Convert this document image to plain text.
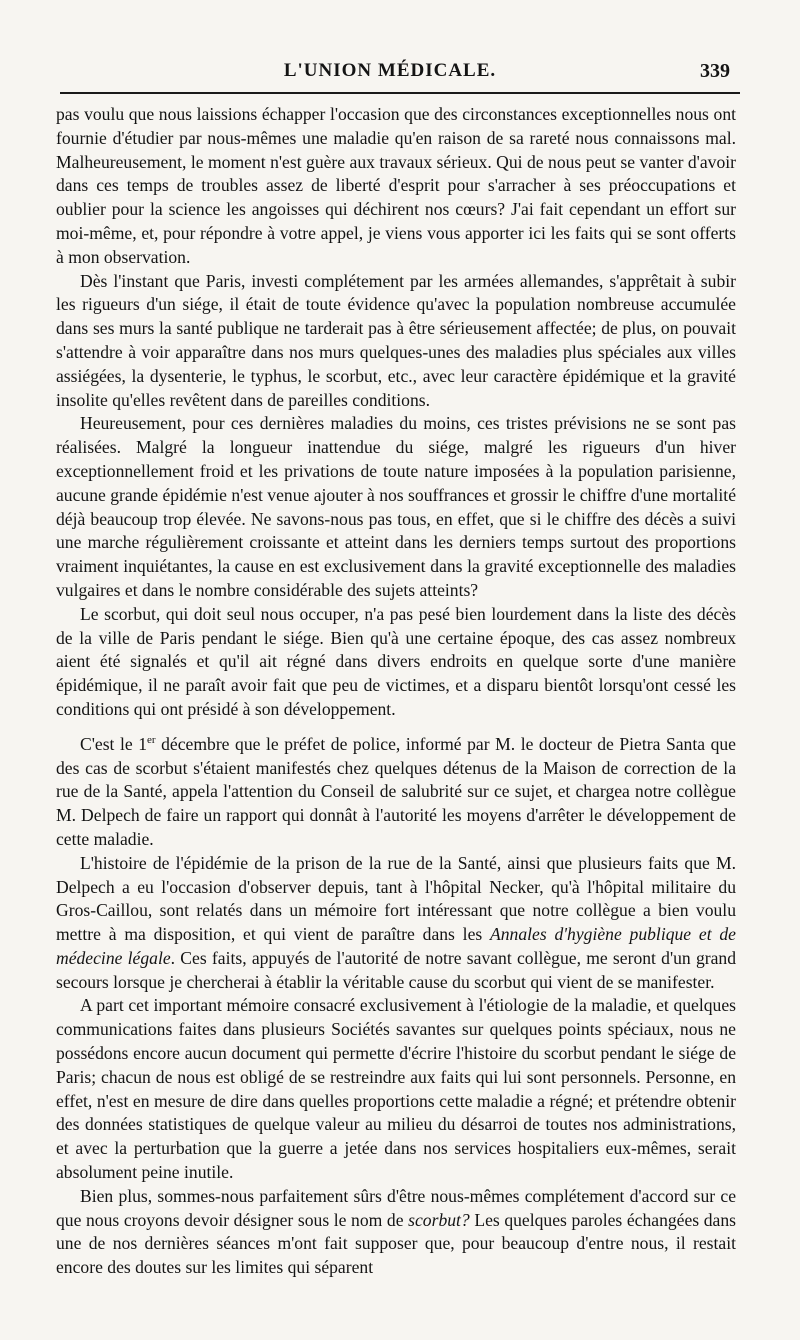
L'UNION MÉDICALE.	339

pas voulu que nous laissions échapper l'occasion que des circonstances exceptionnelles nous ont fournie d'étudier par nous-mêmes une maladie qu'en raison de sa rareté nous connaissons mal. Malheureusement, le moment n'est guère aux travaux sérieux. Qui de nous peut se vanter d'avoir dans ces temps de troubles assez de liberté d'esprit pour s'arracher à ses préoccupations et oublier pour la science les angoisses qui déchirent nos cœurs? J'ai fait cependant un effort sur moi-même, et, pour répondre à votre appel, je viens vous apporter ici les faits qui se sont offerts à mon observation.

Dès l'instant que Paris, investi complétement par les armées allemandes, s'apprêtait à subir les rigueurs d'un siége, il était de toute évidence qu'avec la population nombreuse accumulée dans ses murs la santé publique ne tarderait pas à être sérieusement affectée; de plus, on pouvait s'attendre à voir apparaître dans nos murs quelques-unes des maladies plus spéciales aux villes assiégées, la dysenterie, le typhus, le scorbut, etc., avec leur caractère épidémique et la gravité insolite qu'elles revêtent dans de pareilles conditions.

Heureusement, pour ces dernières maladies du moins, ces tristes prévisions ne se sont pas réalisées. Malgré la longueur inattendue du siége, malgré les rigueurs d'un hiver exceptionnellement froid et les privations de toute nature imposées à la population parisienne, aucune grande épidémie n'est venue ajouter à nos souffrances et grossir le chiffre d'une mortalité déjà beaucoup trop élevée. Ne savons-nous pas tous, en effet, que si le chiffre des décès a suivi une marche régulièrement croissante et atteint dans les derniers temps surtout des proportions vraiment inquiétantes, la cause en est exclusivement dans la gravité exceptionnelle des maladies vulgaires et dans le nombre considérable des sujets atteints?

Le scorbut, qui doit seul nous occuper, n'a pas pesé bien lourdement dans la liste des décès de la ville de Paris pendant le siége. Bien qu'à une certaine époque, des cas assez nombreux aient été signalés et qu'il ait régné dans divers endroits en quelque sorte d'une manière épidémique, il ne paraît avoir fait que peu de victimes, et a disparu bientôt lorsqu'ont cessé les conditions qui ont présidé à son développement.

C'est le 1er décembre que le préfet de police, informé par M. le docteur de Pietra Santa que des cas de scorbut s'étaient manifestés chez quelques détenus de la Maison de correction de la rue de la Santé, appela l'attention du Conseil de salubrité sur ce sujet, et chargea notre collègue M. Delpech de faire un rapport qui donnât à l'autorité les moyens d'arrêter le développement de cette maladie.

L'histoire de l'épidémie de la prison de la rue de la Santé, ainsi que plusieurs faits que M. Delpech a eu l'occasion d'observer depuis, tant à l'hôpital Necker, qu'à l'hôpital militaire du Gros-Caillou, sont relatés dans un mémoire fort intéressant que notre collègue a bien voulu mettre à ma disposition, et qui vient de paraître dans les Annales d'hygiène publique et de médecine légale. Ces faits, appuyés de l'autorité de notre savant collègue, me seront d'un grand secours lorsque je chercherai à établir la véritable cause du scorbut qui vient de se manifester.

A part cet important mémoire consacré exclusivement à l'étiologie de la maladie, et quelques communications faites dans plusieurs Sociétés savantes sur quelques points spéciaux, nous ne possédons encore aucun document qui permette d'écrire l'histoire du scorbut pendant le siége de Paris; chacun de nous est obligé de se restreindre aux faits qui lui sont personnels. Personne, en effet, n'est en mesure de dire dans quelles proportions cette maladie a régné; et prétendre obtenir des données statistiques de quelque valeur au milieu du désarroi de toutes nos administrations, et avec la perturbation que la guerre a jetée dans nos services hospitaliers eux-mêmes, serait absolument peine inutile.

Bien plus, sommes-nous parfaitement sûrs d'être nous-mêmes complétement d'accord sur ce que nous croyons devoir désigner sous le nom de scorbut? Les quelques paroles échangées dans une de nos dernières séances m'ont fait supposer que, pour beaucoup d'entre nous, il restait encore des doutes sur les limites qui séparent
